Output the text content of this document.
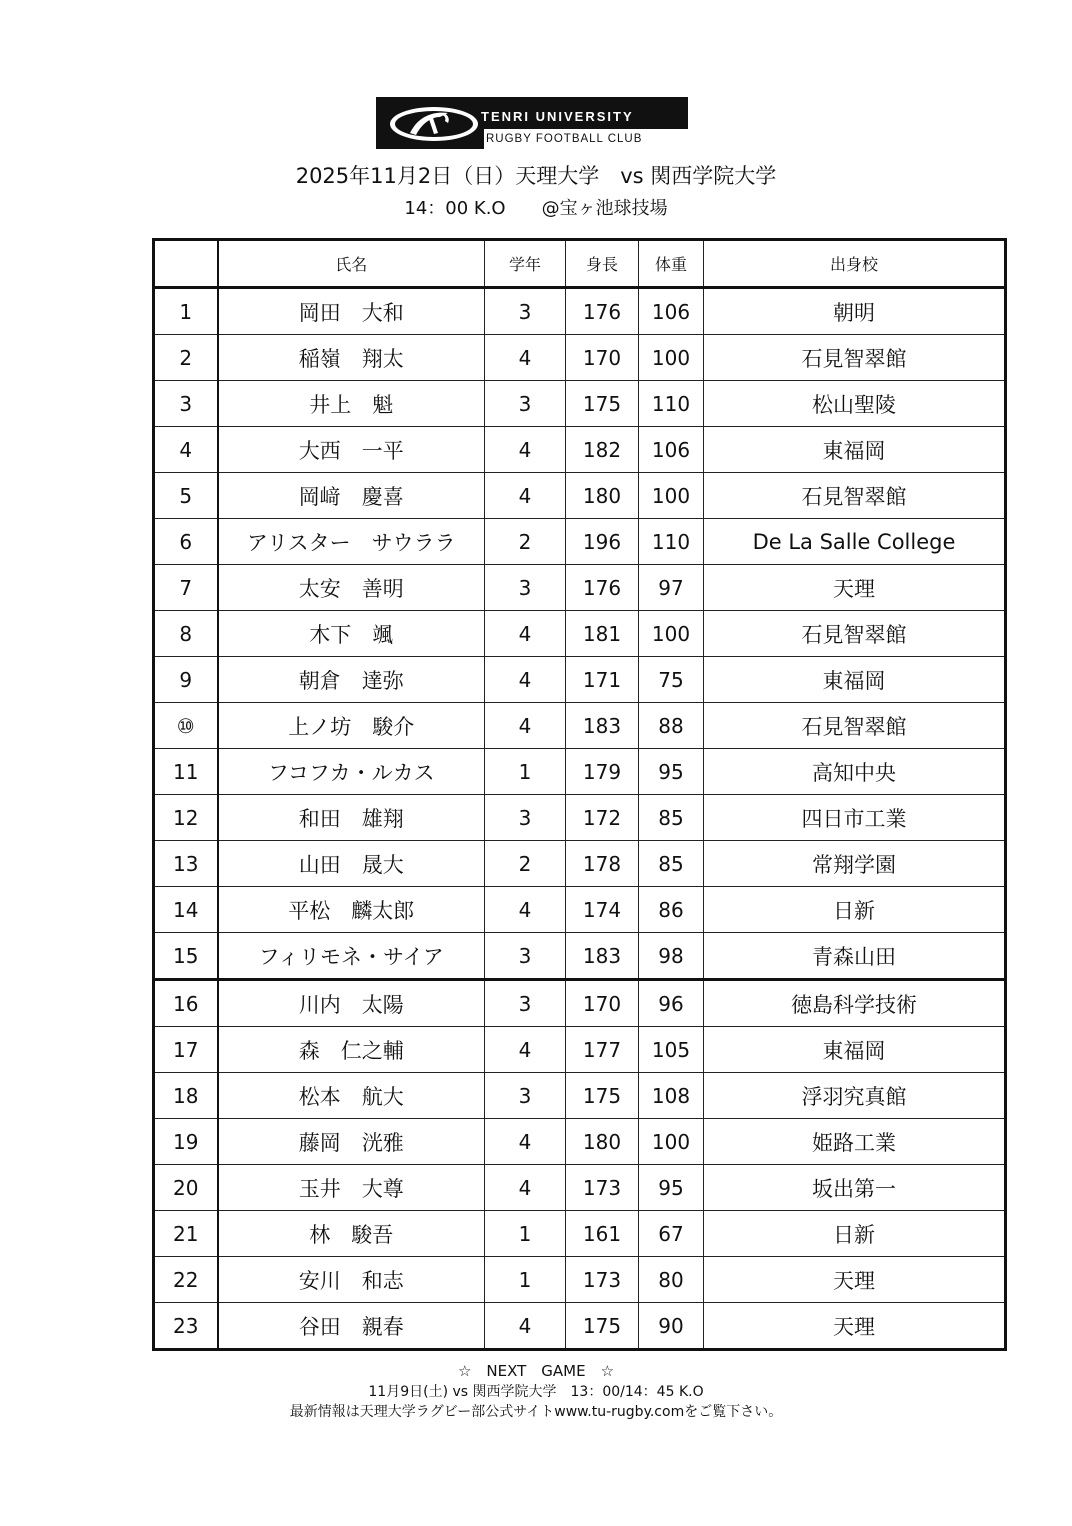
TENRI UNIVERSITY
RUGBY FOOTBALL CLUB
2025年11月2日（日）天理大学　vs 関西学院大学
14：00 K.O　　@宝ヶ池球技場
	氏名	学年	身長	体重	出身校
1	岡田　大和	3	176	106	朝明
2	稲嶺　翔太	4	170	100	石見智翠館
3	井上　魁	3	175	110	松山聖陵
4	大西　一平	4	182	106	東福岡
5	岡﨑　慶喜	4	180	100	石見智翠館
6	アリスター　サウララ	2	196	110	De La Salle College
7	太安　善明	3	176	97	天理
8	木下　颯	4	181	100	石見智翠館
9	朝倉　達弥	4	171	75	東福岡
⑩	上ノ坊　駿介	4	183	88	石見智翠館
11	フコフカ・ルカス	1	179	95	高知中央
12	和田　雄翔	3	172	85	四日市工業
13	山田　晟大	2	178	85	常翔学園
14	平松　麟太郎	4	174	86	日新
15	フィリモネ・サイア	3	183	98	青森山田
16	川内　太陽	3	170	96	徳島科学技術
17	森　仁之輔	4	177	105	東福岡
18	松本　航大	3	175	108	浮羽究真館
19	藤岡　洸雅	4	180	100	姫路工業
20	玉井　大尊	4	173	95	坂出第一
21	林　駿吾	1	161	67	日新
22	安川　和志	1	173	80	天理
23	谷田　親春	4	175	90	天理
☆　NEXT　GAME　☆
11月9日(土) vs 関西学院大学　13：00/14：45 K.O
最新情報は天理大学ラグビー部公式サイトwww.tu-rugby.comをご覧下さい。
